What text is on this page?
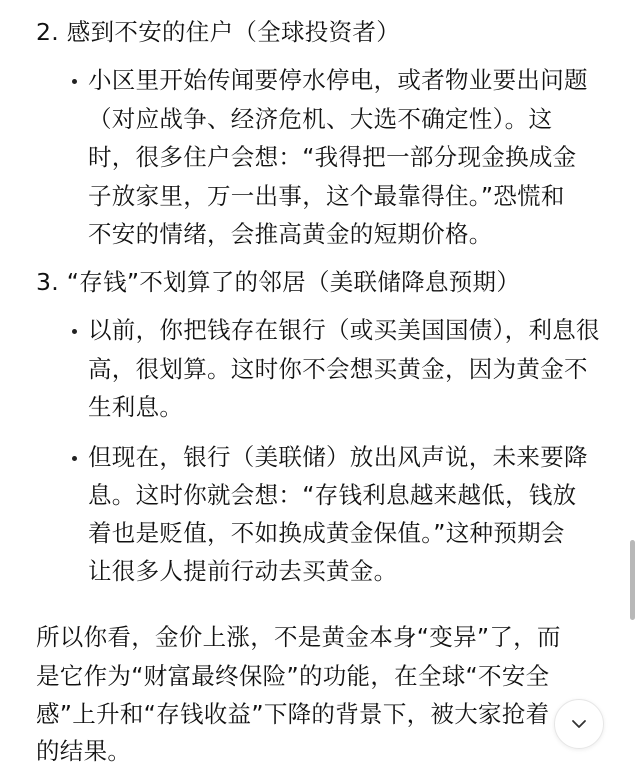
2. 感到不安的住户（全球投资者）
小区里开始传闻要停水停电，或者物业要出问题
（对应战争、经济危机、大选不确定性）。这
时，很多住户会想：“我得把一部分现金换成金
子放家里，万一出事，这个最靠得住。”恐慌和
不安的情绪，会推高黄金的短期价格。
3. “存钱”不划算了的邻居（美联储降息预期）
以前，你把钱存在银行（或买美国国债），利息很
高，很划算。这时你不会想买黄金，因为黄金不
生利息。
但现在，银行（美联储）放出风声说，未来要降
息。这时你就会想：“存钱利息越来越低，钱放
着也是贬值，不如换成黄金保值。”这种预期会
让很多人提前行动去买黄金。
所以你看，金价上涨，不是黄金本身“变异”了，而
是它作为“财富最终保险”的功能，在全球“不安全
感”上升和“存钱收益”下降的背景下，被大家抢着
的结果。
